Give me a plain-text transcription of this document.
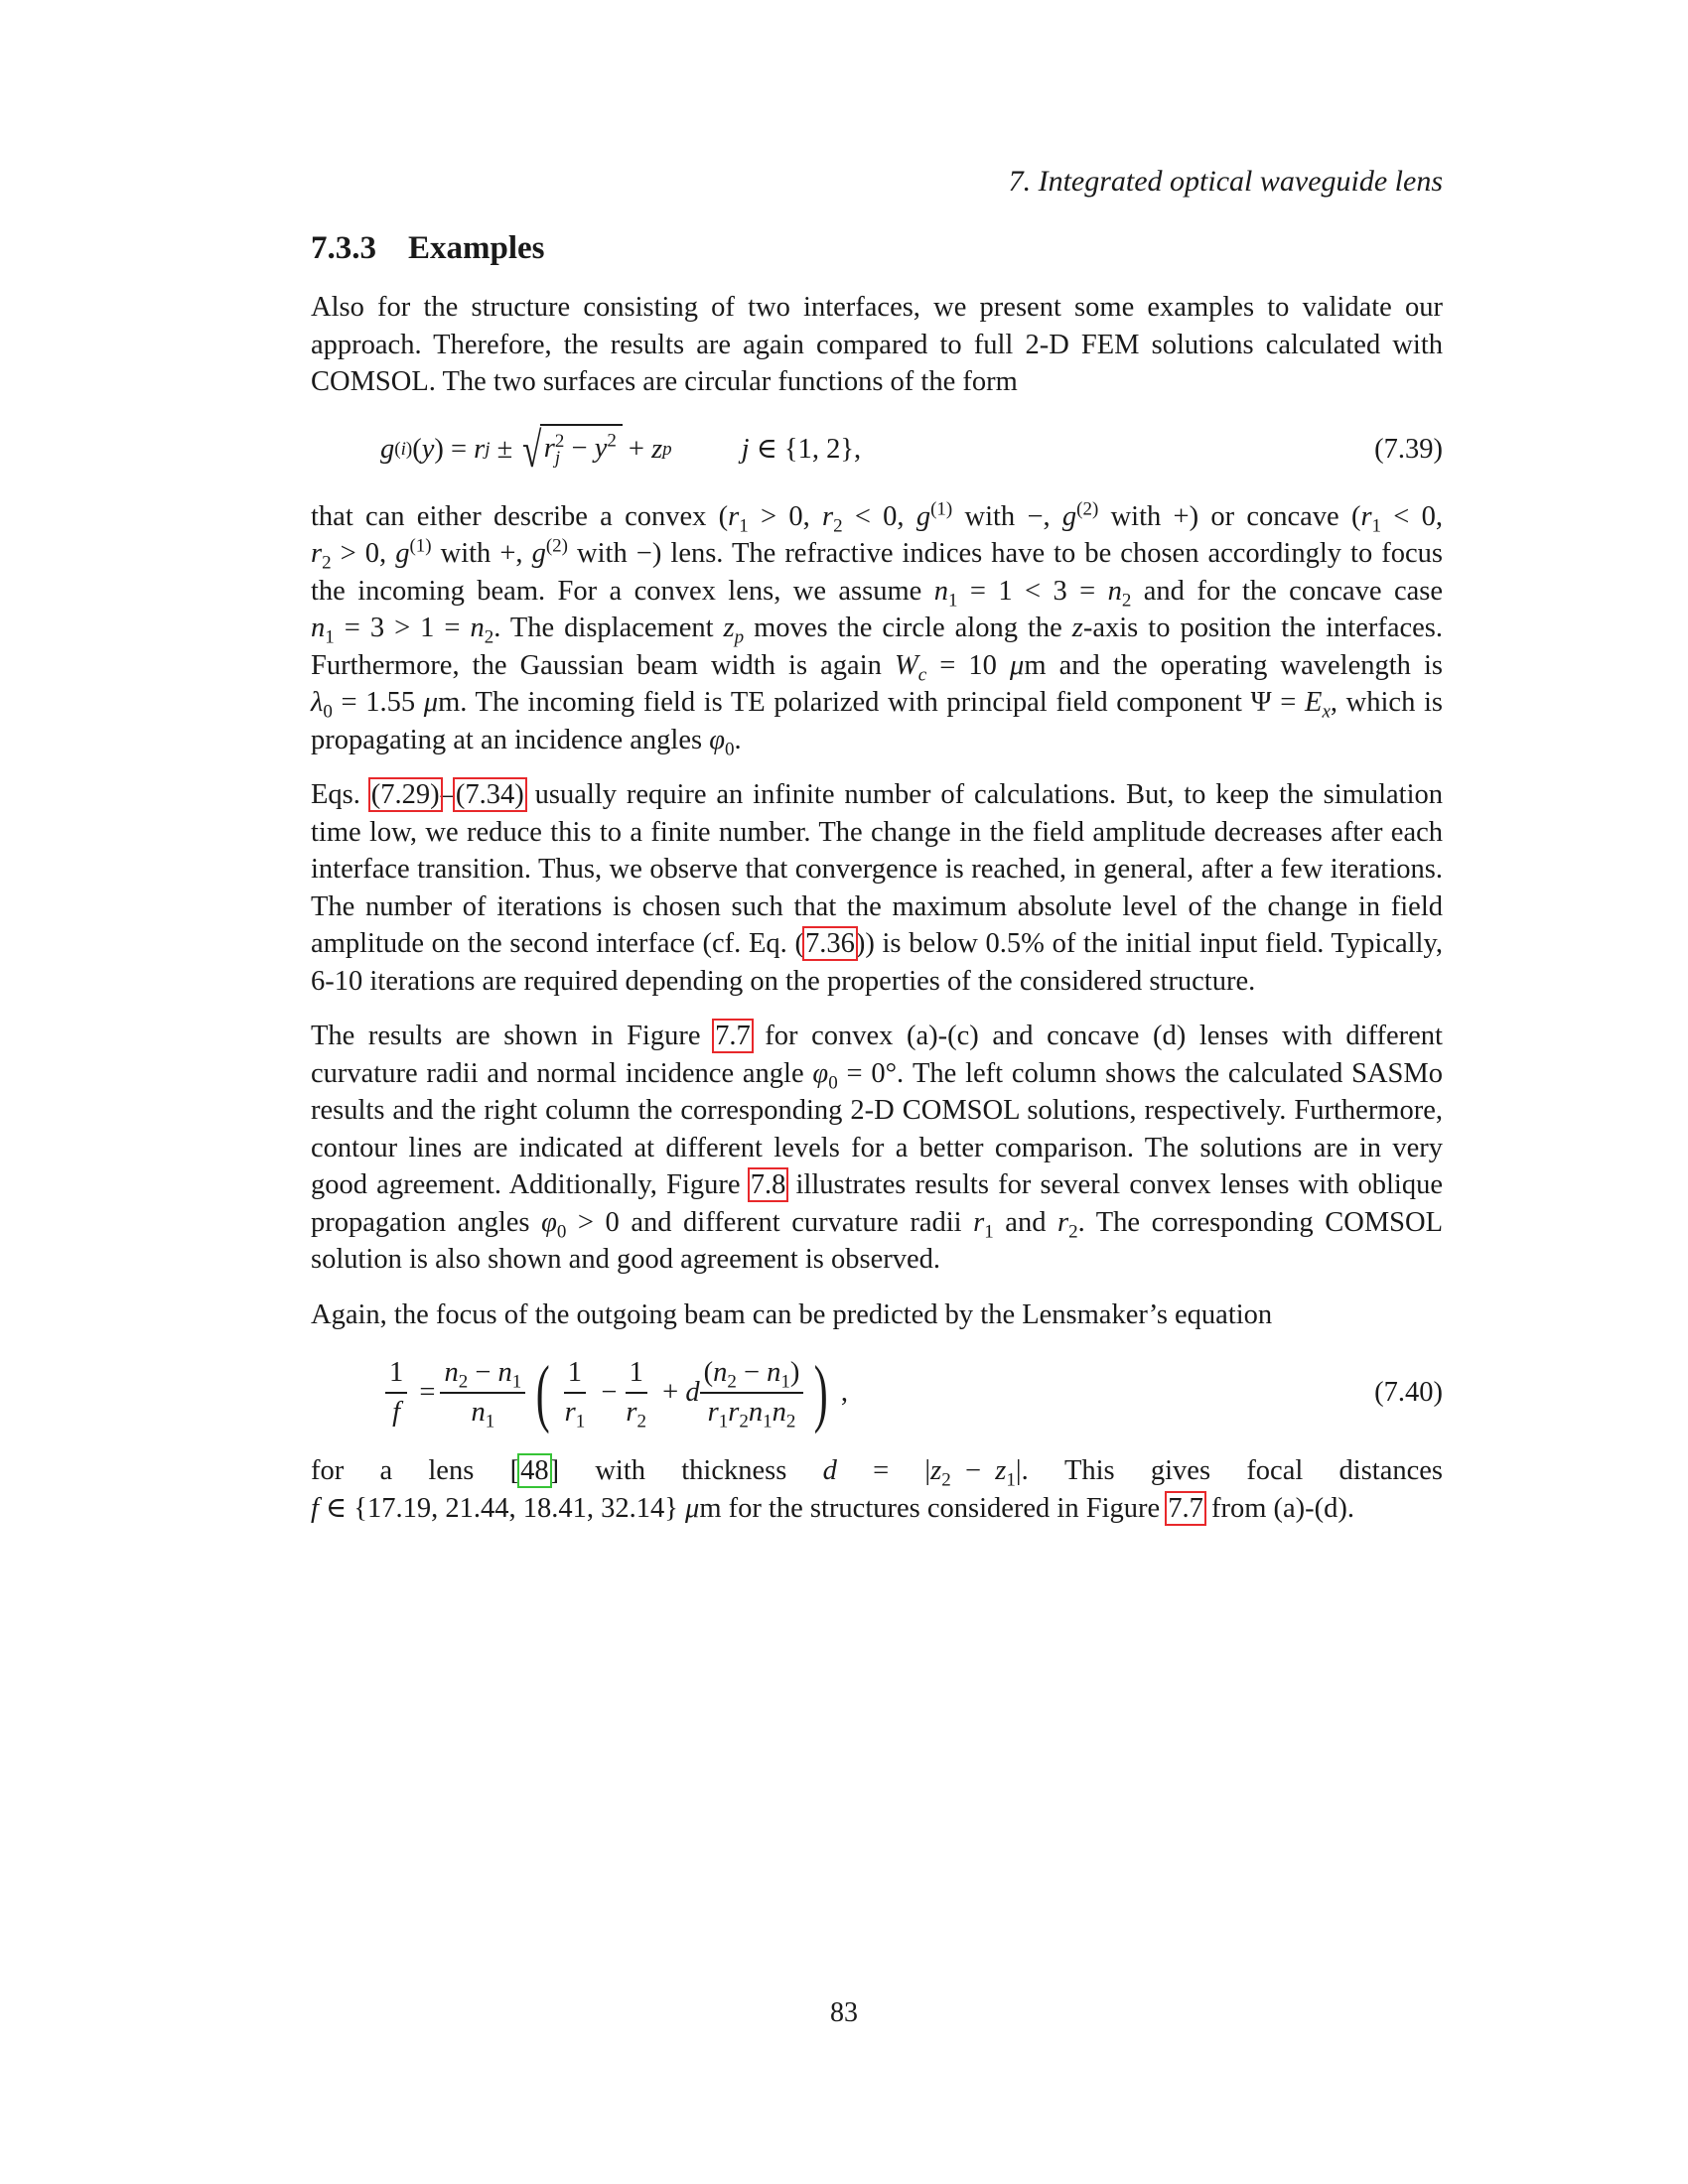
7. Integrated optical waveguide lens
7.3.3 Examples

Also for the structure consisting of two interfaces, we present some examples to validate our approach. Therefore, the results are again compared to full 2-D FEM solutions calculated with COMSOL. The two surfaces are circular functions of the form

g (i) ( y ) = r j ± √ r 2
$j - y^2 + z$ p j ∈ {1, 2},	(7.39)

that can either describe a convex ($r_1 > 0$, $r_2 < 0$, $g^{(1)}$ with −, $g^{(2)}$ with +) or concave ($r_1 < 0$, $r_2 > 0$, $g^{(1)}$ with +, $g^{(2)}$ with −) lens. The refractive indices have to be chosen accordingly to focus the incoming beam. For a convex lens, we assume $n_1 = 1 < 3 = n_2$ and for the concave case $n_1 = 3 > 1 = n_2$. The displacement $z_p$ moves the circle along the z-axis to position the interfaces. Furthermore, the Gaussian beam width is again $W_c = 10$ μm and the operating wavelength is $\lambda_0 = 1.55$ μm. The incoming field is TE polarized with principal field component $\Psi = E_x$, which is propagating at an incidence angles $\varphi_0$.

Eqs. (7.29)–(7.34) usually require an infinite number of calculations. But, to keep the simulation time low, we reduce this to a finite number. The change in the field amplitude decreases after each interface transition. Thus, we observe that convergence is reached, in general, after a few iterations. The number of iterations is chosen such that the maximum absolute level of the change in field amplitude on the second interface (cf. Eq. (7.36)) is below 0.5% of the initial input field. Typically, 6-10 iterations are required depending on the properties of the considered structure.

The results are shown in Figure 7.7 for convex (a)-(c) and concave (d) lenses with different curvature radii and normal incidence angle $\varphi_0 = 0^\circ$. The left column shows the calculated SASMo results and the right column the corresponding 2-D COMSOL solutions, respectively. Furthermore, contour lines are indicated at different levels for a better comparison. The solutions are in very good agreement. Additionally, Figure 7.8 illustrates results for several convex lenses with oblique propagation angles $\varphi_0 > 0$ and different curvature radii $r_1$ and $r_2$. The corresponding COMSOL solution is also shown and good agreement is observed.

Again, the focus of the outgoing beam can be predicted by the Lensmaker’s equation

$\frac{1}{f} = \frac{n_2 - n_1}{n_1}$ ( $\frac{1}{r_1} - \frac{1}{r_2} + d \frac{(n_2 - n_1)}{r_1r_2n_1n_2}$ ) ,	(7.40)
for a lens [48] with thickness $d = |z_2 - z_1|$. This gives focal distances
f ∈ {17.19, 21.44, 18.41, 32.14} μm for the structures considered in Figure 7.7 from (a)-(d).
83
